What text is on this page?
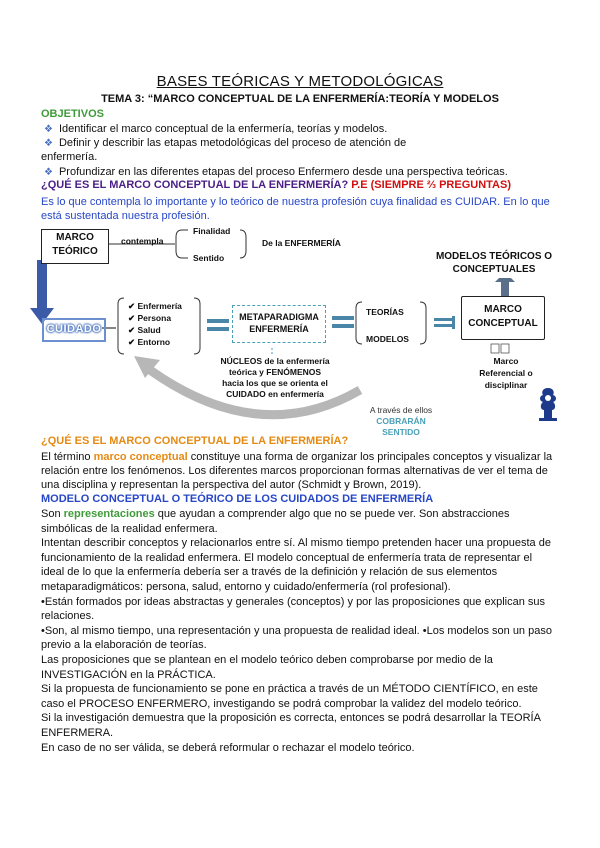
BASES TEÓRICAS Y METODOLÓGICAS
TEMA 3: “MARCO CONCEPTUAL DE LA ENFERMERÍA:TEORÍA Y MODELOS
OBJETIVOS
❖ Identificar el marco conceptual de la enfermería, teorías y modelos.
❖ Definir y describir las etapas metodológicas del proceso de atención de
enfermería.
❖ Profundizar en las diferentes etapas del proceso Enfermero desde una perspectiva teóricas.
¿QUÉ ES EL MARCO CONCEPTUAL DE LA ENFERMERÍA? P.E (SIEMPRE ⅔ PREGUNTAS)
Es lo que contempla lo importante y lo teórico de nuestra profesión cuya finalidad es CUIDAR. En lo que
está sustentada nuestra profesión.
MARCO TEÓRICO
contempla
Finalidad
Sentido
De la ENFERMERÍA
MODELOS TEÓRICOS O CONCEPTUALES
CUIDADO
✔ Enfermería
✔ Persona
✔ Salud
✔ Entorno
METAPARADIGMA ENFERMERÍA
TEORÍAS
MODELOS
MARCO CONCEPTUAL
Marco Referencial o disciplinar
NÚCLEOS de la enfermería
teórica y FENÓMENOS
hacia los que se orienta el
CUIDADO en enfermería
A través de ellos
COBRARÁN SENTIDO
¿QUÉ ES EL MARCO CONCEPTUAL DE LA ENFERMERÍA?
El término marco conceptual constituye una forma de organizar los principales conceptos y visualizar la
relación entre los fenómenos. Los diferentes marcos proporcionan formas alternativas de ver el tema de
una disciplina y representan la perspectiva del autor (Schmidt y Brown, 2019).
MODELO CONCEPTUAL O TEÓRICO DE LOS CUIDADOS DE ENFERMERÍA
Son representaciones que ayudan a comprender algo que no se puede ver. Son abstracciones
simbólicas de la realidad enfermera.
Intentan describir conceptos y relacionarlos entre sí. Al mismo tiempo pretenden hacer una propuesta de
funcionamiento de la realidad enfermera. El modelo conceptual de enfermería trata de representar el
ideal de lo que la enfermería debería ser a través de la definición y relación de sus elementos
metaparadigmáticos: persona, salud, entorno y cuidado/enfermería (rol profesional).
•Están formados por ideas abstractas y generales (conceptos) y por las proposiciones que explican sus
relaciones.
•Son, al mismo tiempo, una representación y una propuesta de realidad ideal. •Los modelos son un paso
previo a la elaboración de teorías.
Las proposiciones que se plantean en el modelo teórico deben comprobarse por medio de la
INVESTIGACIÓN en la PRÁCTICA.
Si la propuesta de funcionamiento se pone en práctica a través de un MÉTODO CIENTÍFICO, en este
caso el PROCESO ENFERMERO, investigando se podrá comprobar la validez del modelo teórico.
Si la investigación demuestra que la proposición es correcta, entonces se podrá desarrollar la TEORÍA
ENFERMERA.
En caso de no ser válida, se deberá reformular o rechazar el modelo teórico.
